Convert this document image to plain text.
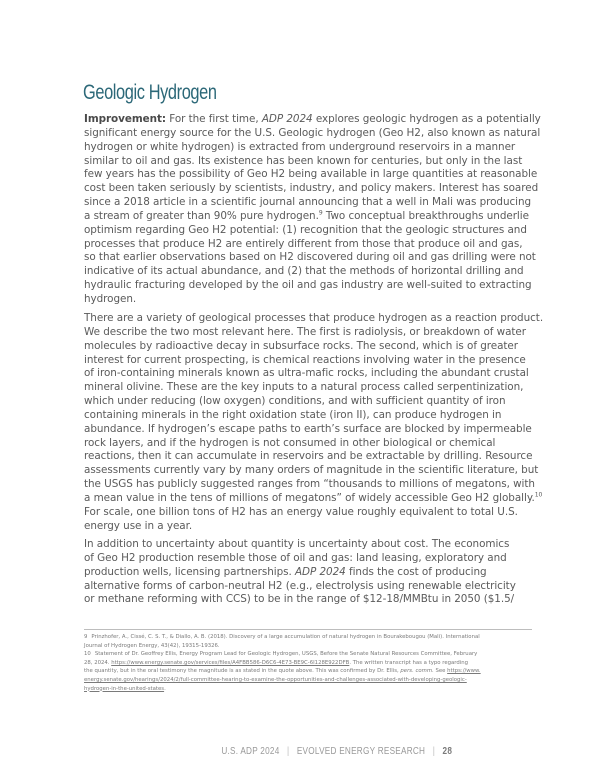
Geologic Hydrogen
Improvement: For the first time, ADP 2024 explores geologic hydrogen as a potentially
significant energy source for the U.S. Geologic hydrogen (Geo H2, also known as natural
hydrogen or white hydrogen) is extracted from underground reservoirs in a manner
similar to oil and gas. Its existence has been known for centuries, but only in the last
few years has the possibility of Geo H2 being available in large quantities at reasonable
cost been taken seriously by scientists, industry, and policy makers. Interest has soared
since a 2018 article in a scientific journal announcing that a well in Mali was producing
a stream of greater than 90% pure hydrogen.$^9$ Two conceptual breakthroughs underlie
optimism regarding Geo H2 potential: (1) recognition that the geologic structures and
processes that produce H2 are entirely different from those that produce oil and gas,
so that earlier observations based on H2 discovered during oil and gas drilling were not
indicative of its actual abundance, and (2) that the methods of horizontal drilling and
hydraulic fracturing developed by the oil and gas industry are well-suited to extracting
hydrogen.
There are a variety of geological processes that produce hydrogen as a reaction product.
We describe the two most relevant here. The first is radiolysis, or breakdown of water
molecules by radioactive decay in subsurface rocks. The second, which is of greater
interest for current prospecting, is chemical reactions involving water in the presence
of iron-containing minerals known as ultra-mafic rocks, including the abundant crustal
mineral olivine. These are the key inputs to a natural process called serpentinization,
which under reducing (low oxygen) conditions, and with sufficient quantity of iron
containing minerals in the right oxidation state (iron II), can produce hydrogen in
abundance. If hydrogen’s escape paths to earth’s surface are blocked by impermeable
rock layers, and if the hydrogen is not consumed in other biological or chemical
reactions, then it can accumulate in reservoirs and be extractable by drilling. Resource
assessments currently vary by many orders of magnitude in the scientific literature, but
the USGS has publicly suggested ranges from “thousands to millions of megatons, with
a mean value in the tens of millions of megatons” of widely accessible Geo H2 globally.$^{10}$
For scale, one billion tons of H2 has an energy value roughly equivalent to total U.S.
energy use in a year.
In addition to uncertainty about quantity is uncertainty about cost. The economics
of Geo H2 production resemble those of oil and gas: land leasing, exploratory and
production wells, licensing partnerships. ADP 2024 finds the cost of producing
alternative forms of carbon-neutral H2 (e.g., electrolysis using renewable electricity
or methane reforming with CCS) to be in the range of $12-18/MMBtu in 2050 ($1.5/
9 Prinzhofer, A., Cissé, C. S. T., & Diallo, A. B. (2018). Discovery of a large accumulation of natural hydrogen in Bourakebougou (Mali). International
Journal of Hydrogen Energy, 43(42), 19315-19326.
10 Statement of Dr. Geoffrey Ellis, Energy Program Lead for Geologic Hydrogen, USGS, Before the Senate Natural Resources Committee, February
28, 2024. https://www.energy.senate.gov/services/files/A4FBB586-D6C6-4E73-BE9C-6I128E922DFB. The written transcript has a typo regarding
the quantity, but in the oral testimony the magnitude is as stated in the quote above. This was confirmed by Dr. Ellis, pers. comm. See https://www.
energy.senate.gov/hearings/2024/2/full-committee-hearing-to-examine-the-opportunities-and-challenges-associated-with-developing-geologic-
hydrogen-in-the-united-states.
U.S. ADP 2024 | EVOLVED ENERGY RESEARCH | 28
